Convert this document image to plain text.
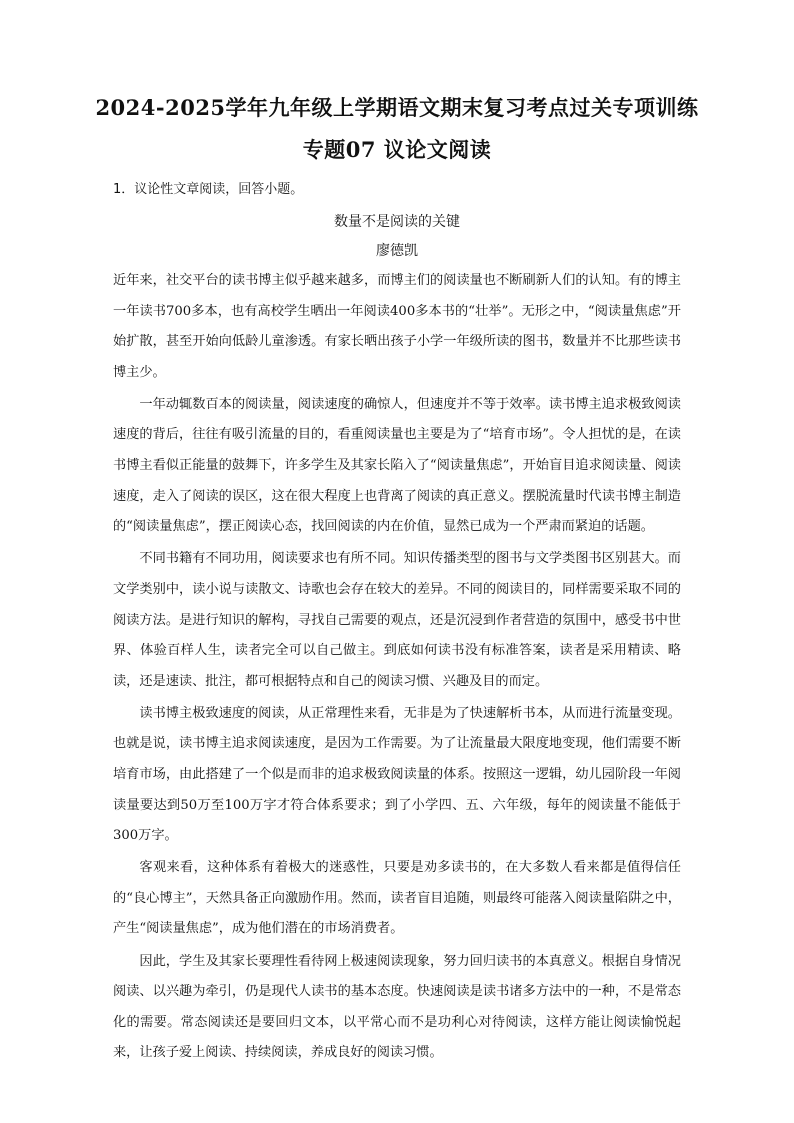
2024-2025学年九年级上学期语文期末复习考点过关专项训练
专题07 议论文阅读
1．议论性文章阅读，回答小题。
数量不是阅读的关键
廖德凯

近年来，社交平台的读书博主似乎越来越多，而博主们的阅读量也不断刷新人们的认知。有的博主一年读书700多本，也有高校学生晒出一年阅读400多本书的“壮举”。无形之中，“阅读量焦虑”开始扩散，甚至开始向低龄儿童渗透。有家长晒出孩子小学一年级所读的图书，数量并不比那些读书博主少。

一年动辄数百本的阅读量，阅读速度的确惊人，但速度并不等于效率。读书博主追求极致阅读速度的背后，往往有吸引流量的目的，看重阅读量也主要是为了“培育市场”。令人担忧的是，在读书博主看似正能量的鼓舞下，许多学生及其家长陷入了“阅读量焦虑”，开始盲目追求阅读量、阅读速度，走入了阅读的误区，这在很大程度上也背离了阅读的真正意义。摆脱流量时代读书博主制造的“阅读量焦虑”，摆正阅读心态，找回阅读的内在价值，显然已成为一个严肃而紧迫的话题。

不同书籍有不同功用，阅读要求也有所不同。知识传播类型的图书与文学类图书区别甚大。而文学类别中，读小说与读散文、诗歌也会存在较大的差异。不同的阅读目的，同样需要采取不同的阅读方法。是进行知识的解构，寻找自己需要的观点，还是沉浸到作者营造的氛围中，感受书中世界、体验百样人生，读者完全可以自己做主。到底如何读书没有标准答案，读者是采用精读、略读，还是速读、批注，都可根据特点和自己的阅读习惯、兴趣及目的而定。

读书博主极致速度的阅读，从正常理性来看，无非是为了快速解析书本，从而进行流量变现。也就是说，读书博主追求阅读速度，是因为工作需要。为了让流量最大限度地变现，他们需要不断培育市场，由此搭建了一个似是而非的追求极致阅读量的体系。按照这一逻辑，幼儿园阶段一年阅读量要达到50万至100万字才符合体系要求；到了小学四、五、六年级，每年的阅读量不能低于300万字。

客观来看，这种体系有着极大的迷惑性，只要是劝多读书的，在大多数人看来都是值得信任的“良心博主”，天然具备正向激励作用。然而，读者盲目追随，则最终可能落入阅读量陷阱之中，产生“阅读量焦虑”，成为他们潜在的市场消费者。

因此，学生及其家长要理性看待网上极速阅读现象，努力回归读书的本真意义。根据自身情况阅读、以兴趣为牵引，仍是现代人读书的基本态度。快速阅读是读书诸多方法中的一种，不是常态化的需要。常态阅读还是要回归文本，以平常心而不是功利心对待阅读，这样方能让阅读愉悦起来，让孩子爱上阅读、持续阅读，养成良好的阅读习惯。
